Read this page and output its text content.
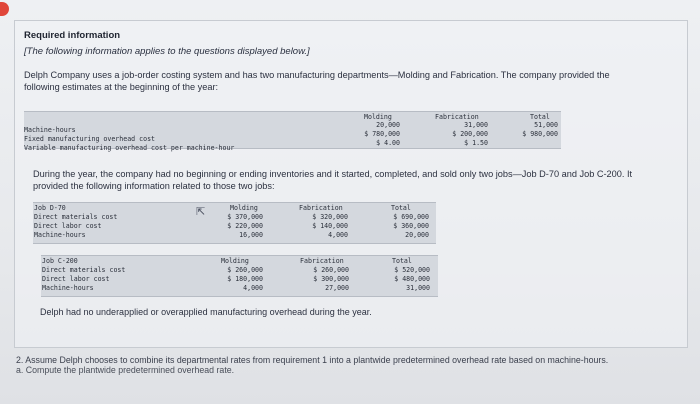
Required information
[The following information applies to the questions displayed below.]
Delph Company uses a job-order costing system and has two manufacturing departments—Molding and Fabrication. The company provided the following estimates at the beginning of the year:
Molding	Fabrication	Total
Machine-hours
20,000	31,000	51,000
Fixed manufacturing overhead cost
$ 780,000	$ 200,000	$ 980,000
Variable manufacturing overhead cost per machine-hour
$ 4.00	$ 1.50
During the year, the company had no beginning or ending inventories and it started, completed, and sold only two jobs—Job D-70 and Job C-200. It provided the following information related to those two jobs:
Job D-70	Molding	Fabrication	Total
Direct materials cost	$ 370,000	$ 320,000	$ 690,000
Direct labor cost	$ 220,000	$ 140,000	$ 360,000
Machine-hours	16,000	4,000	20,000
⇱
Job C-200	Molding	Fabrication	Total
Direct materials cost	$ 260,000	$ 260,000	$ 520,000
Direct labor cost	$ 180,000	$ 300,000	$ 480,000
Machine-hours	4,000	27,000	31,000
Delph had no underapplied or overapplied manufacturing overhead during the year.
2. Assume Delph chooses to combine its departmental rates from requirement 1 into a plantwide predetermined overhead rate based on machine-hours.
a. Compute the plantwide predetermined overhead rate.
